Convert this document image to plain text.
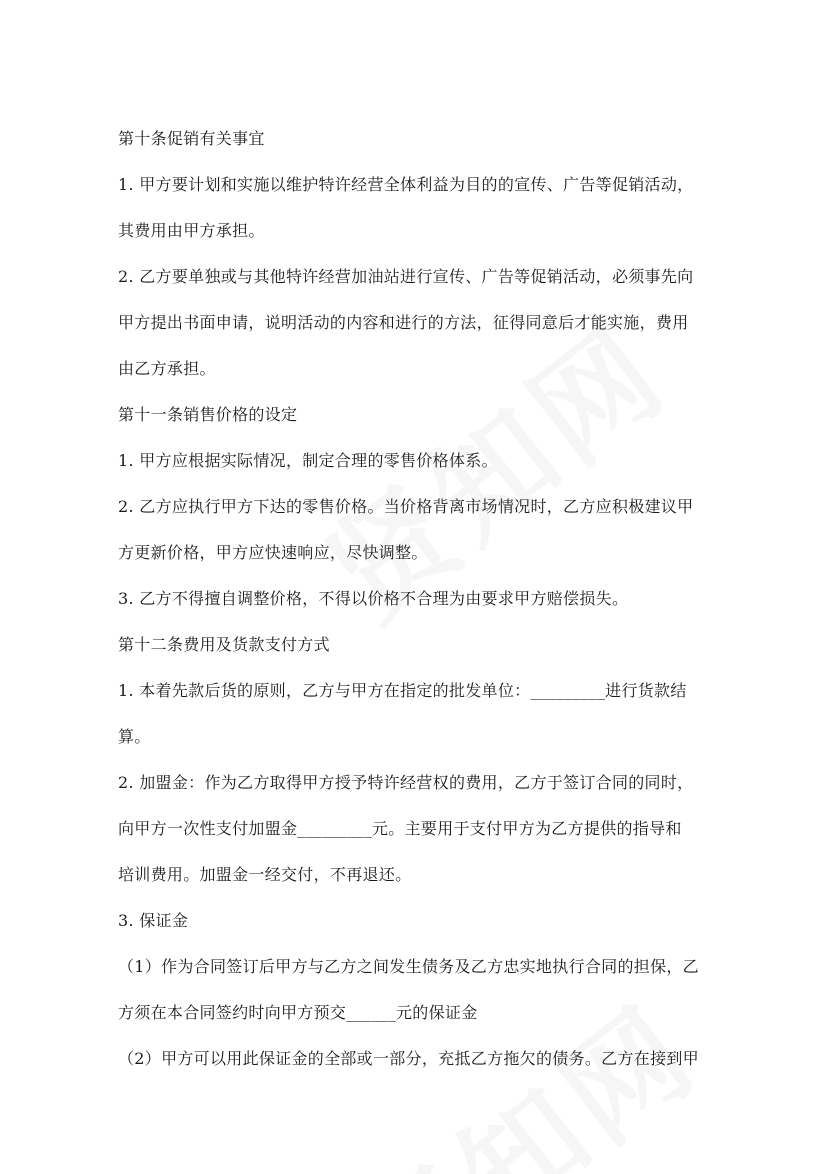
第十条促销有关事宜

1. 甲方要计划和实施以维护特许经营全体利益为目的的宣传、广告等促销活动，

其费用由甲方承担。

2. 乙方要单独或与其他特许经营加油站进行宣传、广告等促销活动，必须事先向

甲方提出书面申请，说明活动的内容和进行的方法，征得同意后才能实施，费用

由乙方承担。

第十一条销售价格的设定

1. 甲方应根据实际情况，制定合理的零售价格体系。

2. 乙方应执行甲方下达的零售价格。当价格背离市场情况时，乙方应积极建议甲

方更新价格，甲方应快速响应，尽快调整。

3. 乙方不得擅自调整价格，不得以价格不合理为由要求甲方赔偿损失。

第十二条费用及货款支付方式

1. 本着先款后货的原则，乙方与甲方在指定的批发单位：_________进行货款结

算。

2. 加盟金：作为乙方取得甲方授予特许经营权的费用，乙方于签订合同的同时，

向甲方一次性支付加盟金_________元。主要用于支付甲方为乙方提供的指导和

培训费用。加盟金一经交付，不再退还。

3. 保证金

（1）作为合同签订后甲方与乙方之间发生债务及乙方忠实地执行合同的担保，乙

方须在本合同签约时向甲方预交______元的保证金

（2）甲方可以用此保证金的全部或一部分，充抵乙方拖欠的债务。乙方在接到甲
